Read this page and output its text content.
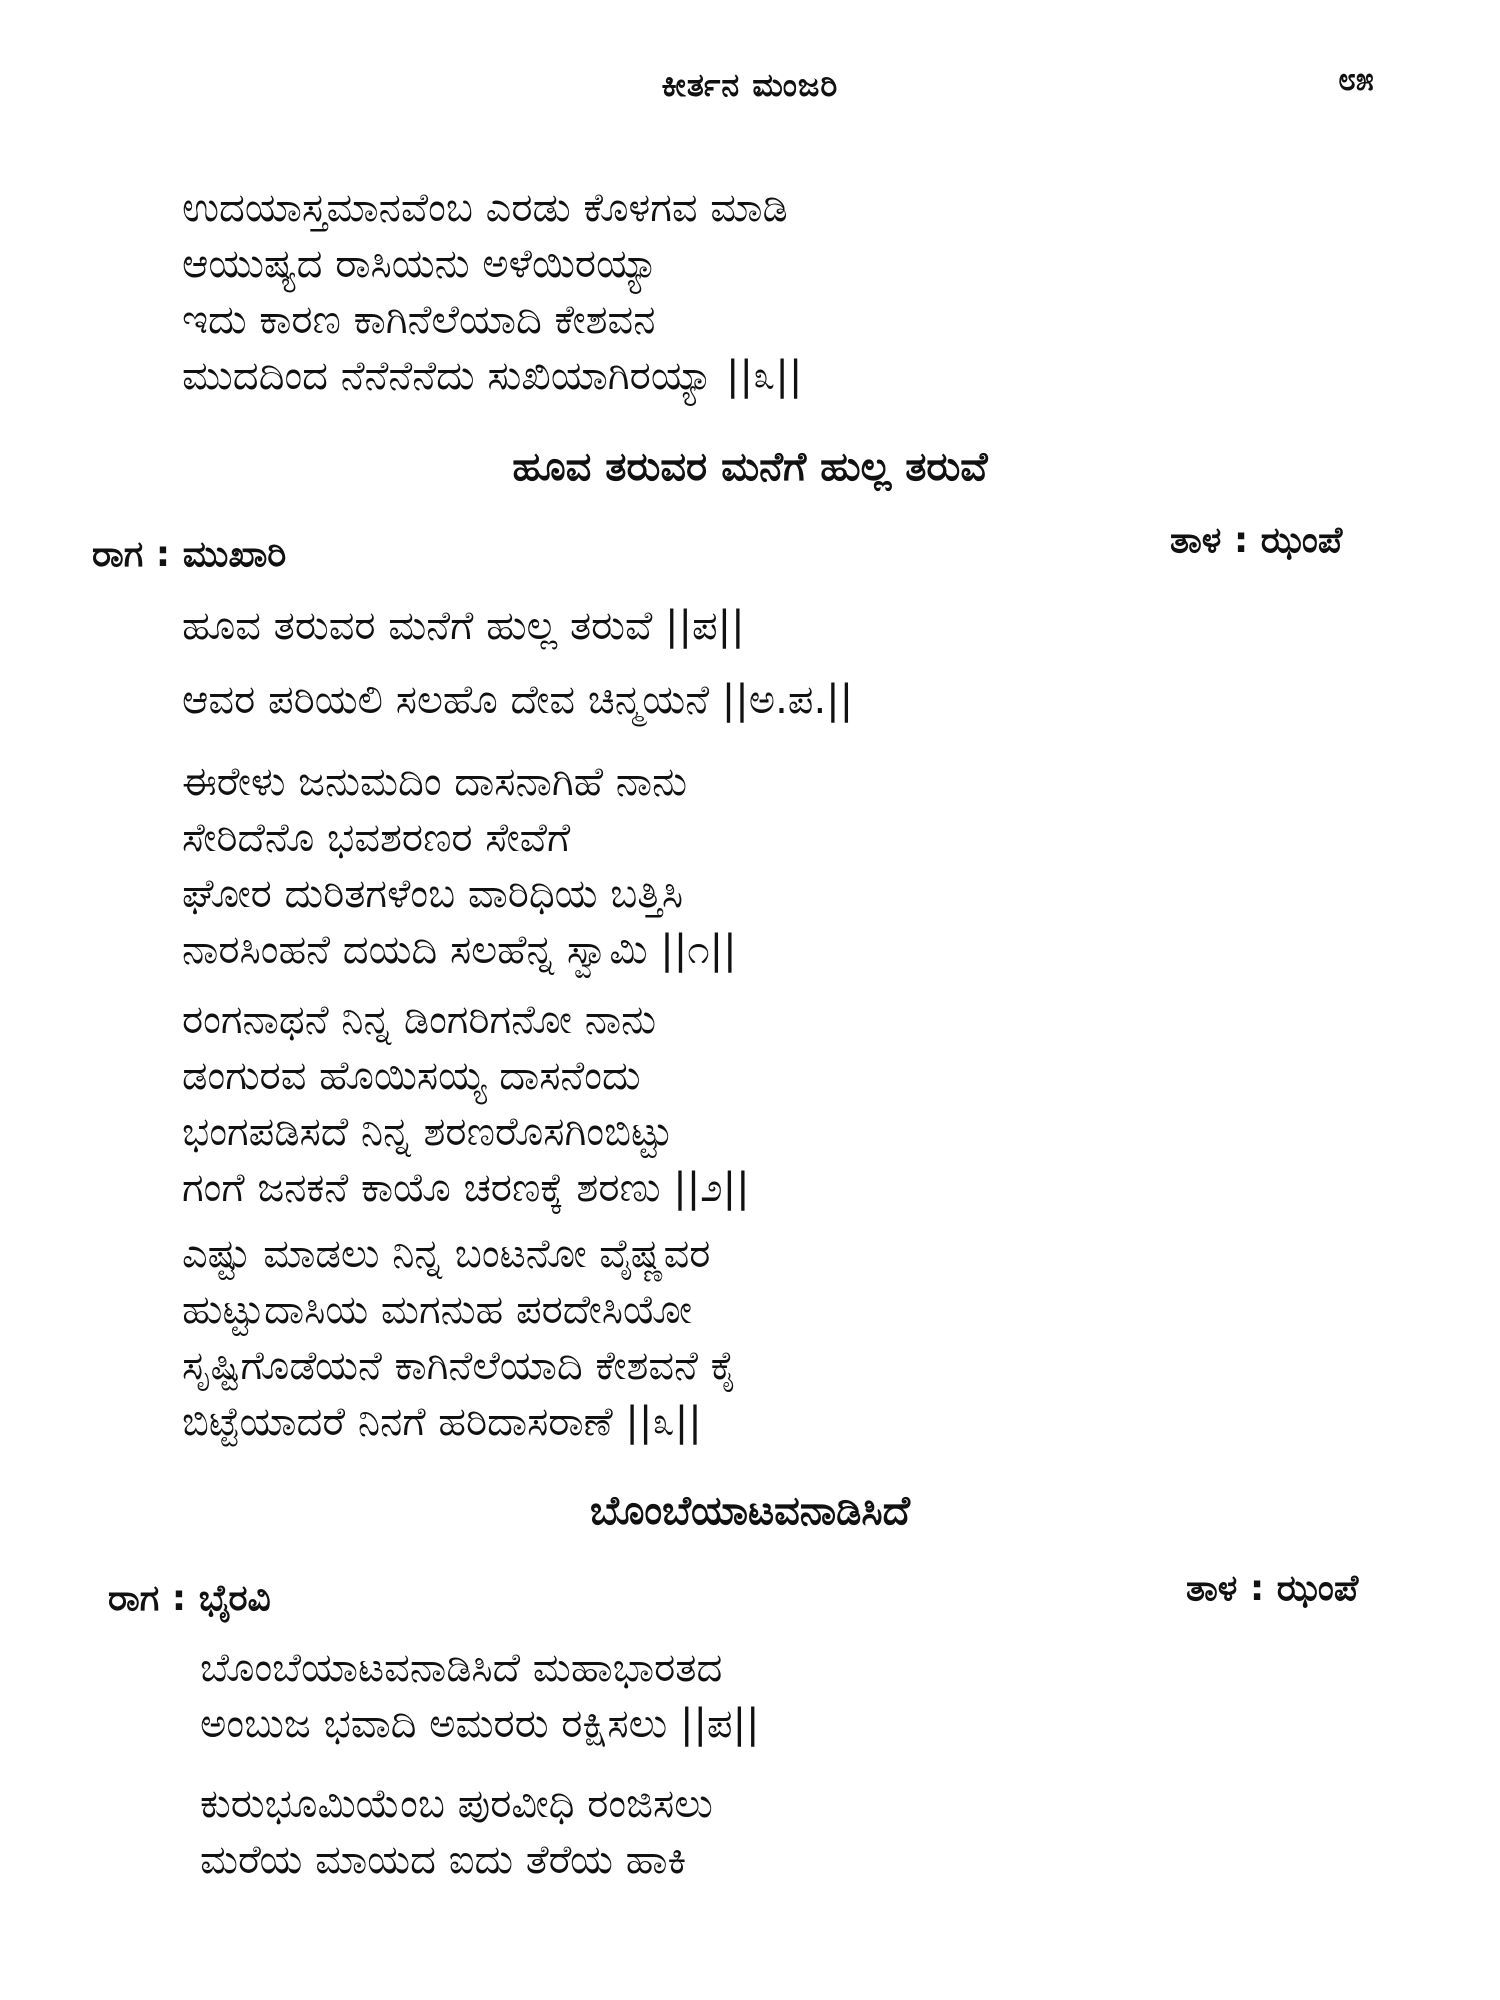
ಕೀರ್ತನ ಮಂಜರಿ	೮೫
ಉದಯಾಸ್ತಮಾನವೆಂಬ ಎರಡು ಕೊಳಗವ ಮಾಡಿ
ಆಯುಷ್ಯದ ರಾಸಿಯನು ಅಳೆಯಿರಯ್ಯಾ
ಇದು ಕಾರಣ ಕಾಗಿನೆಲೆಯಾದಿ ಕೇಶವನ
ಮುದದಿಂದ ನೆನೆನೆನೆದು ಸುಖಿಯಾಗಿರಯ್ಯಾ ||೩||
ಹೂವ ತರುವರ ಮನೆಗೆ ಹುಲ್ಲ ತರುವೆ
ರಾಗ : ಮುಖಾರಿ	ತಾಳ : ಝಂಪೆ
ಹೂವ ತರುವರ ಮನೆಗೆ ಹುಲ್ಲ ತರುವೆ ||ಪ||
ಆವರ ಪರಿಯಲಿ ಸಲಹೊ ದೇವ ಚಿನ್ಮಯನೆ ||ಅ.ಪ.||
ಈರೇಳು ಜನುಮದಿಂ ದಾಸನಾಗಿಹೆ ನಾನು
ಸೇರಿದೆನೊ ಭವಶರಣರ ಸೇವೆಗೆ
ಘೋರ ದುರಿತಗಳೆಂಬ ವಾರಿಧಿಯ ಬತ್ತಿಸಿ
ನಾರಸಿಂಹನೆ ದಯದಿ ಸಲಹೆನ್ನ ಸ್ವಾಮಿ ||೧||
ರಂಗನಾಥನೆ ನಿನ್ನ ಡಿಂಗರಿಗನೋ ನಾನು
ಡಂಗುರವ ಹೊಯಿಸಯ್ಯ ದಾಸನೆಂದು
ಭಂಗಪಡಿಸದೆ ನಿನ್ನ ಶರಣರೊಸಗಿಂಬಿಟ್ಟು
ಗಂಗೆ ಜನಕನೆ ಕಾಯೊ ಚರಣಕ್ಕೆ ಶರಣು ||೨||
ಎಷ್ಟು ಮಾಡಲು ನಿನ್ನ ಬಂಟನೋ ವೈಷ್ಣವರ
ಹುಟ್ಟುದಾಸಿಯ ಮಗನುಹ ಪರದೇಸಿಯೋ
ಸೃಷ್ಟಿಗೊಡೆಯನೆ ಕಾಗಿನೆಲೆಯಾದಿ ಕೇಶವನೆ ಕೈ
ಬಿಟ್ಟೆಯಾದರೆ ನಿನಗೆ ಹರಿದಾಸರಾಣೆ ||೩||
ಬೊಂಬೆಯಾಟವನಾಡಿಸಿದೆ
ರಾಗ : ಭೈರವಿ	ತಾಳ : ಝಂಪೆ
ಬೊಂಬೆಯಾಟವನಾಡಿಸಿದೆ ಮಹಾಭಾರತದ
ಅಂಬುಜ ಭವಾದಿ ಅಮರರು ರಕ್ಷಿಸಲು ||ಪ||
ಕುರುಭೂಮಿಯೆಂಬ ಪುರವೀಧಿ ರಂಜಿಸಲು
ಮರೆಯ ಮಾಯದ ಐದು ತೆರೆಯ ಹಾಕಿ
